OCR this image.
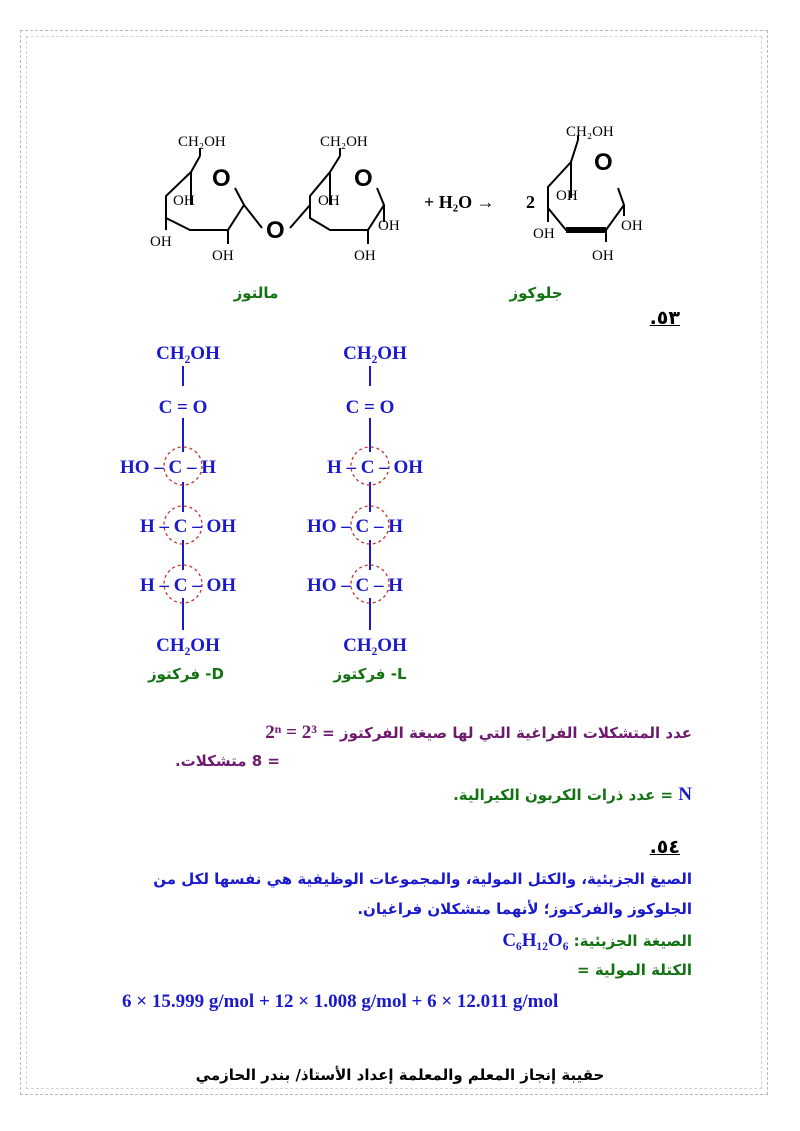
CH₂OH	CH₂OH
CH₂OH
OH
OH
OH
OH
OH
OH
OH
OH	OH
OH
O	O
O
O
+ H₂O → 2
مالتوز	جلوكوز
٥٣.
CH₂OH
C = O
HO – C – H
H – C – OH
H – C – OH
CH₂OH
CH₂OH
C = O
H – C – OH
HO – C – H
HO – C – H
CH₂OH
D- فركتوز	L- فركتوز
عدد المتشكلات الفراغية التي لها صيغة الفركتوز = 2ⁿ = 2³
= 8 متشكلات.
N = عدد ذرات الكربون الكيرالية.
٥٤.
الصيغ الجزيئية، والكتل المولية، والمجموعات الوظيفية هي نفسها لكل من
الجلوكوز والفركتوز؛ لأنهما متشكلان فراغيان.
الصيغة الجزيئية: C₆H₁₂O₆
الكتلة المولية =
6 × 15.999 g/mol + 12 × 1.008 g/mol + 6 × 12.011 g/mol
حقيبة إنجاز المعلم والمعلمة إعداد الأستاذ/ بندر الحازمي
